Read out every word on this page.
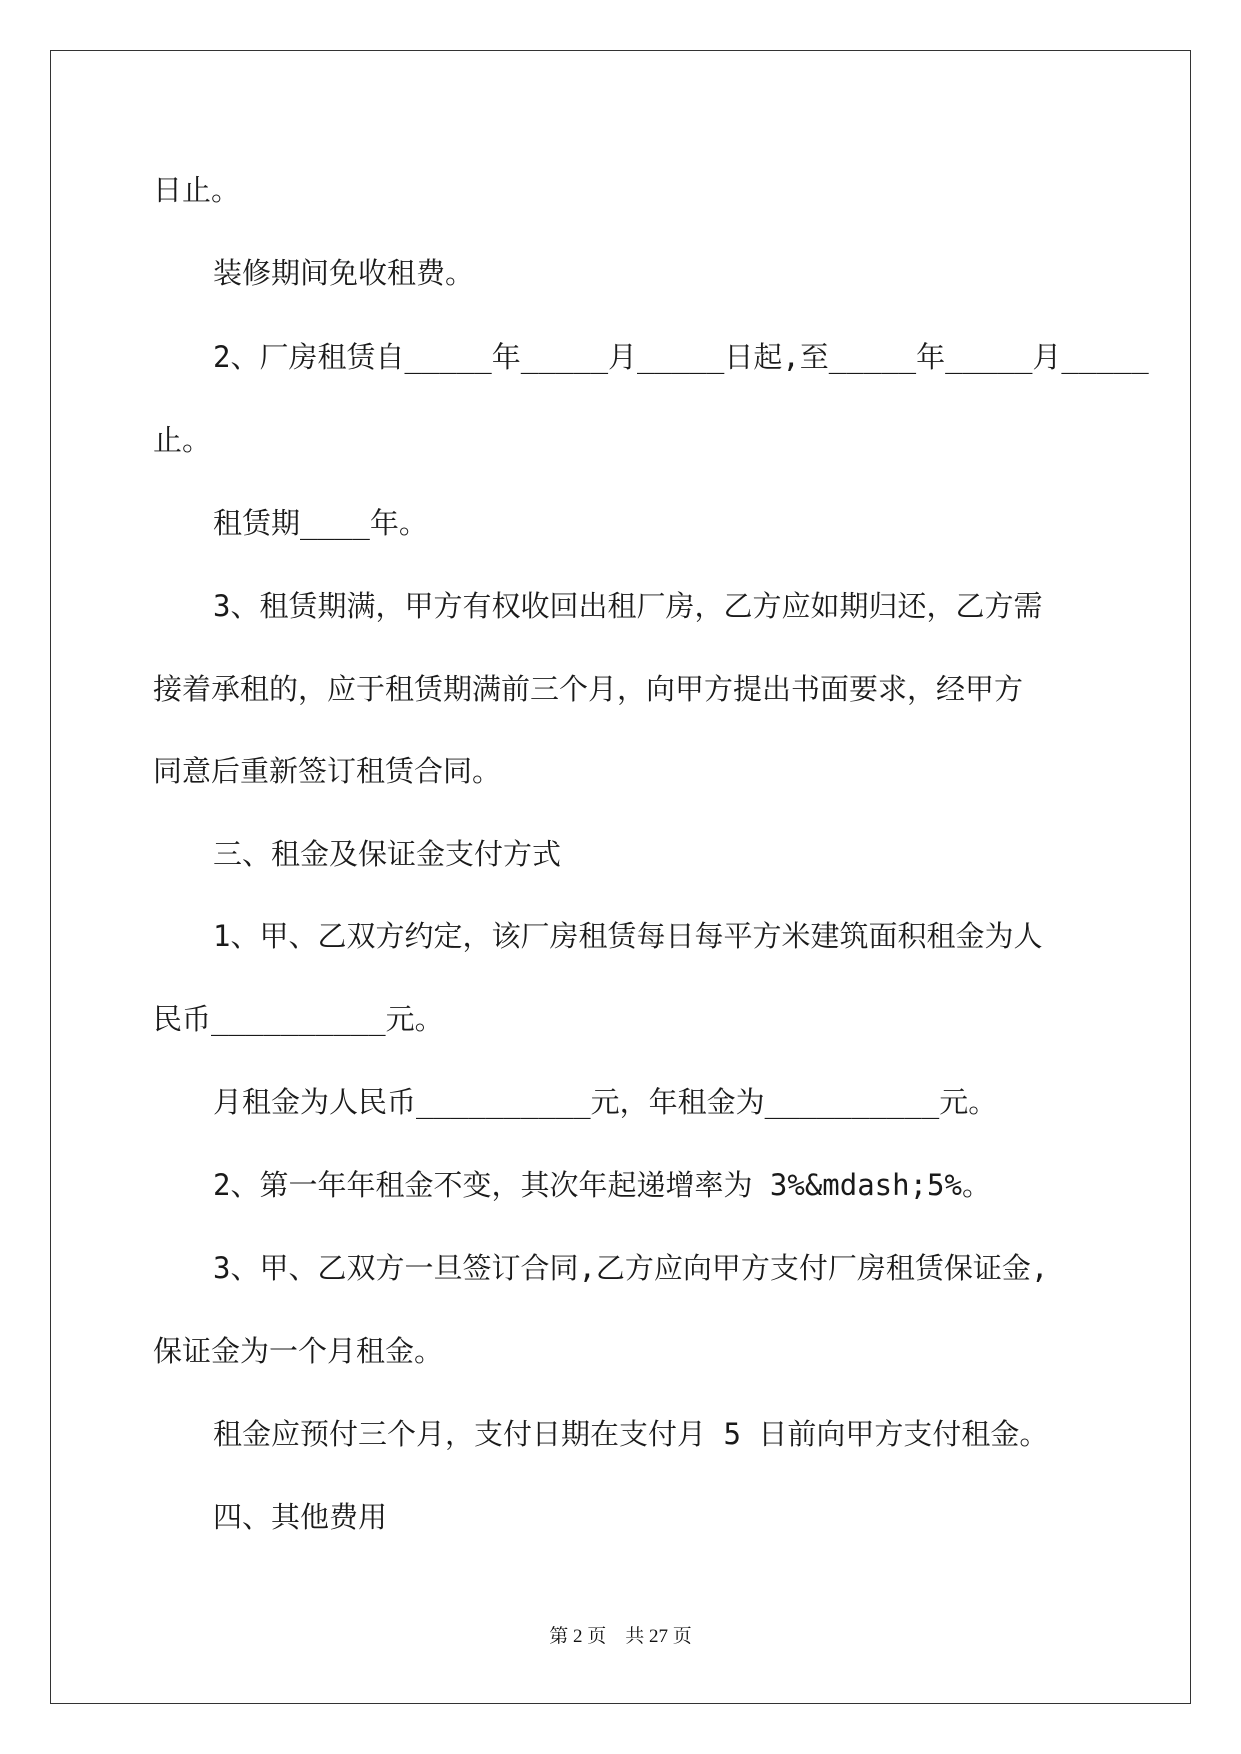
日止。
装修期间免收租费。
2、厂房租赁自_____年_____月_____日起,至_____年_____月_____
止。
租赁期____年。
3、租赁期满，甲方有权收回出租厂房，乙方应如期归还，乙方需
接着承租的，应于租赁期满前三个月，向甲方提出书面要求，经甲方
同意后重新签订租赁合同。
三、租金及保证金支付方式
1、甲、乙双方约定，该厂房租赁每日每平方米建筑面积租金为人
民币__________元。
月租金为人民币__________元，年租金为__________元。
2、第一年年租金不变，其次年起递增率为 3%&mdash;5%。
3、甲、乙双方一旦签订合同,乙方应向甲方支付厂房租赁保证金,
保证金为一个月租金。
租金应预付三个月，支付日期在支付月 5 日前向甲方支付租金。
四、其他费用
第 2 页　共 27 页
